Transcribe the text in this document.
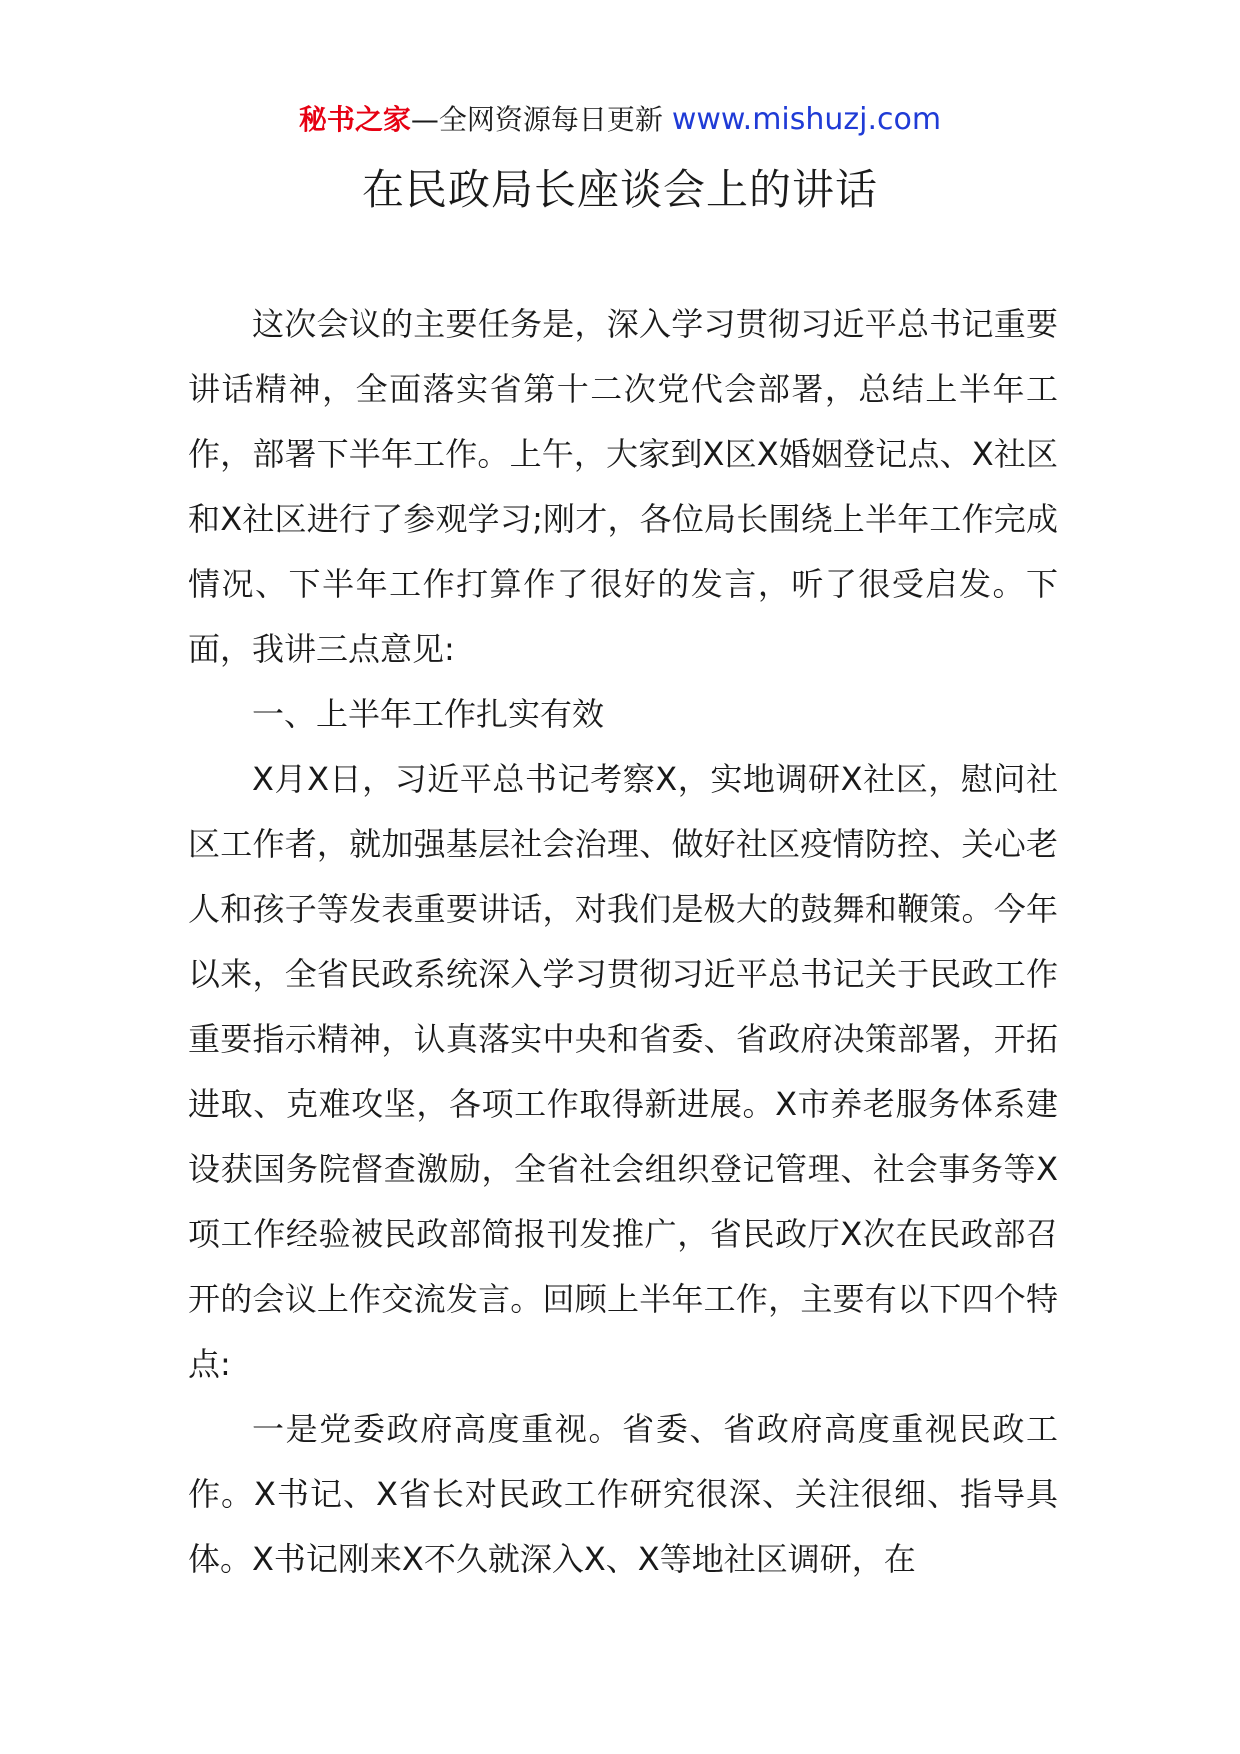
秘书之家—全网资源每日更新 www.mishuzj.com
在民政局长座谈会上的讲话

这次会议的主要任务是，深入学习贯彻习近平总书记重要讲话精神，全面落实省第十二次党代会部署，总结上半年工作，部署下半年工作。上午，大家到X区X婚姻登记点、X社区和X社区进行了参观学习;刚才，各位局长围绕上半年工作完成情况、下半年工作打算作了很好的发言，听了很受启发。下面，我讲三点意见:

一、上半年工作扎实有效

X月X日，习近平总书记考察X，实地调研X社区，慰问社区工作者，就加强基层社会治理、做好社区疫情防控、关心老人和孩子等发表重要讲话，对我们是极大的鼓舞和鞭策。今年以来，全省民政系统深入学习贯彻习近平总书记关于民政工作重要指示精神，认真落实中央和省委、省政府决策部署，开拓进取、克难攻坚，各项工作取得新进展。X市养老服务体系建设获国务院督查激励，全省社会组织登记管理、社会事务等X项工作经验被民政部简报刊发推广，省民政厅X次在民政部召开的会议上作交流发言。回顾上半年工作，主要有以下四个特点:

一是党委政府高度重视。省委、省政府高度重视民政工作。X书记、X省长对民政工作研究很深、关注很细、指导具体。X书记刚来X不久就深入X、X等地社区调研，在
